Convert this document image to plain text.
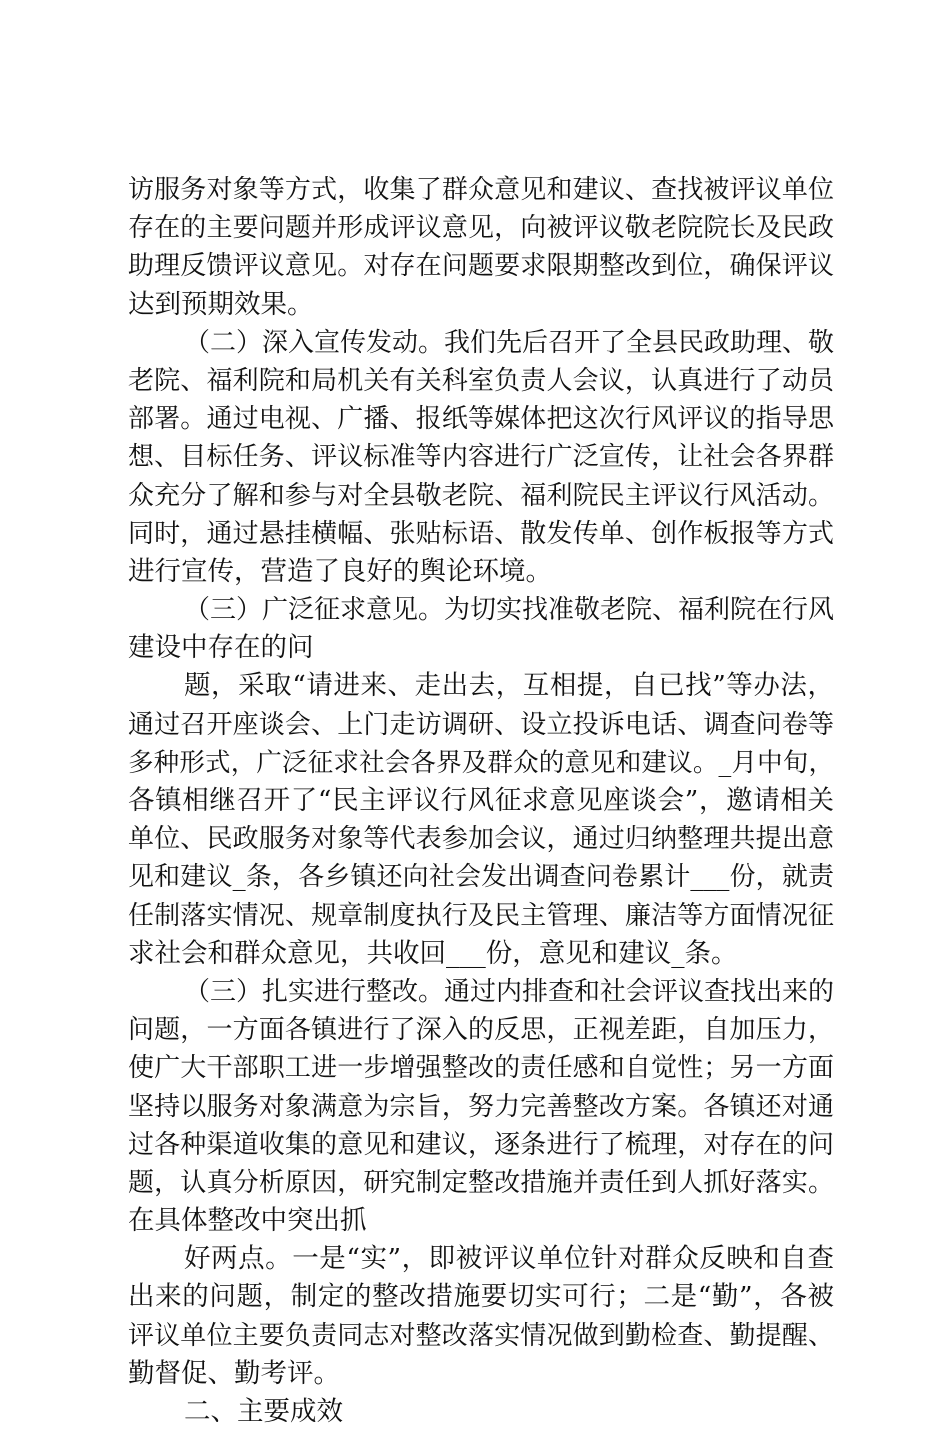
访服务对象等方式，收集了群众意见和建议、查找被评议单位
存在的主要问题并形成评议意见，向被评议敬老院院长及民政
助理反馈评议意见。对存在问题要求限期整改到位，确保评议
达到预期效果。
（二）深入宣传发动。我们先后召开了全县民政助理、敬
老院、福利院和局机关有关科室负责人会议，认真进行了动员
部署。通过电视、广播、报纸等媒体把这次行风评议的指导思
想、目标任务、评议标准等内容进行广泛宣传，让社会各界群
众充分了解和参与对全县敬老院、福利院民主评议行风活动。
同时，通过悬挂横幅、张贴标语、散发传单、创作板报等方式
进行宣传，营造了良好的舆论环境。
（三）广泛征求意见。为切实找准敬老院、福利院在行风
建设中存在的问
题，采取“请进来、走出去，互相提，自已找”等办法，
通过召开座谈会、上门走访调研、设立投诉电话、调查问卷等
多种形式，广泛征求社会各界及群众的意见和建议。_月中旬，
各镇相继召开了“民主评议行风征求意见座谈会”，邀请相关
单位、民政服务对象等代表参加会议，通过归纳整理共提出意
见和建议_条，各乡镇还向社会发出调查问卷累计___份，就责
任制落实情况、规章制度执行及民主管理、廉洁等方面情况征
求社会和群众意见，共收回___份，意见和建议_条。
（三）扎实进行整改。通过内排查和社会评议查找出来的
问题，一方面各镇进行了深入的反思，正视差距，自加压力，
使广大干部职工进一步增强整改的责任感和自觉性；另一方面
坚持以服务对象满意为宗旨，努力完善整改方案。各镇还对通
过各种渠道收集的意见和建议，逐条进行了梳理，对存在的问
题，认真分析原因，研究制定整改措施并责任到人抓好落实。
在具体整改中突出抓
好两点。一是“实”，即被评议单位针对群众反映和自查
出来的问题，制定的整改措施要切实可行；二是“勤”，各被
评议单位主要负责同志对整改落实情况做到勤检查、勤提醒、
勤督促、勤考评。
二、主要成效
